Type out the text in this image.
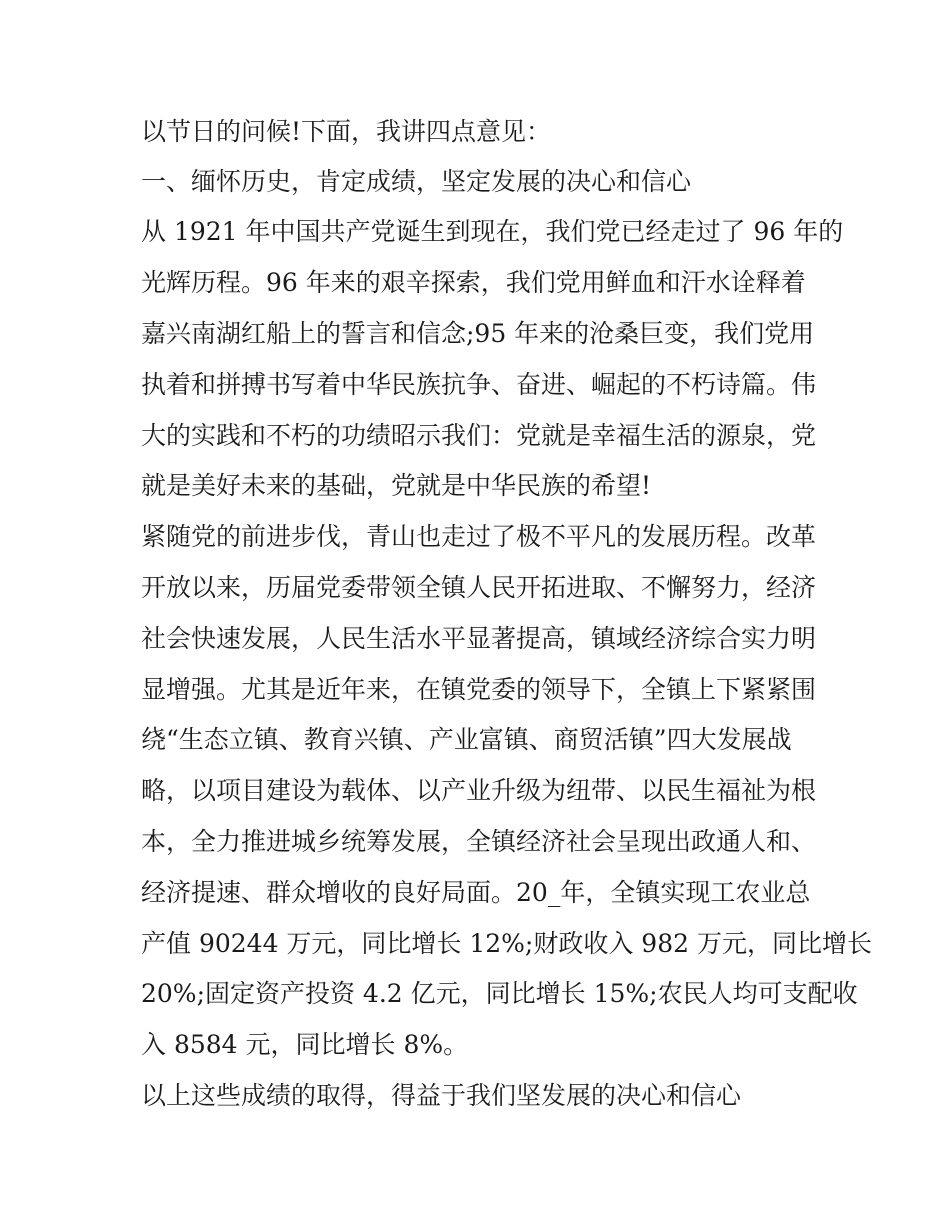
以节日的问候!下面，我讲四点意见：
一、缅怀历史，肯定成绩，坚定发展的决心和信心
从 1921 年中国共产党诞生到现在，我们党已经走过了 96 年的
光辉历程。96 年来的艰辛探索，我们党用鲜血和汗水诠释着
嘉兴南湖红船上的誓言和信念;95 年来的沧桑巨变，我们党用
执着和拼搏书写着中华民族抗争、奋进、崛起的不朽诗篇。伟
大的实践和不朽的功绩昭示我们：党就是幸福生活的源泉，党
就是美好未来的基础，党就是中华民族的希望!
紧随党的前进步伐，青山也走过了极不平凡的发展历程。改革
开放以来，历届党委带领全镇人民开拓进取、不懈努力，经济
社会快速发展，人民生活水平显著提高，镇域经济综合实力明
显增强。尤其是近年来，在镇党委的领导下，全镇上下紧紧围
绕“生态立镇、教育兴镇、产业富镇、商贸活镇”四大发展战
略，以项目建设为载体、以产业升级为纽带、以民生福祉为根
本，全力推进城乡统筹发展，全镇经济社会呈现出政通人和、
经济提速、群众增收的良好局面。20_年，全镇实现工农业总
产值 90244 万元，同比增长 12%;财政收入 982 万元，同比增长
20%;固定资产投资 4.2 亿元，同比增长 15%;农民人均可支配收
入 8584 元，同比增长 8%。
以上这些成绩的取得，得益于我们坚发展的决心和信心
